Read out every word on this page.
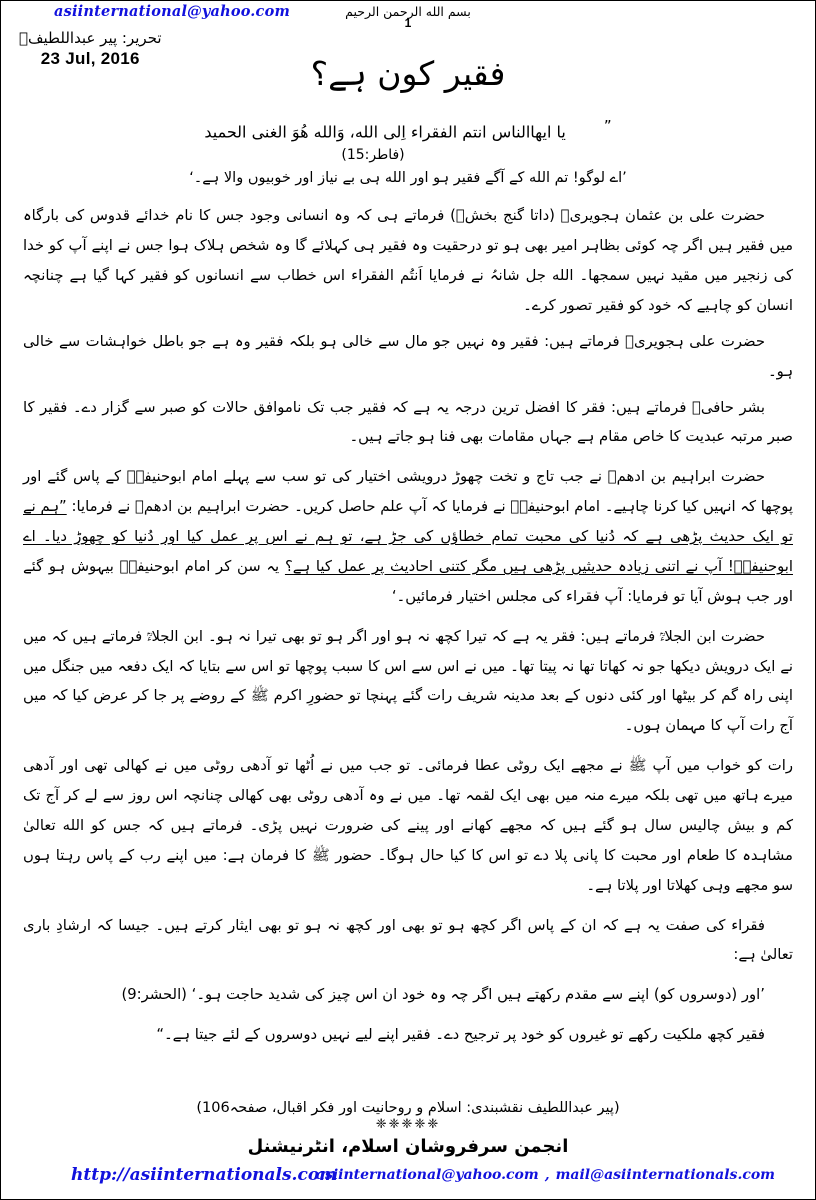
asiinternational@yahoo.com	بسم الله الرحمن الرحیم
1
تحریر: پیر عبداللطیفؒ
23 Jul, 2016	فقیر کون ہے؟
”یا ایھاالناس انتم الفقراء اِلی الله، وَالله ھُوَ الغنی الحمید
(فاطر:15)
’اے لوگو! تم الله کے آگے فقیر ہو اور الله ہی بے نیاز اور خوبیوں والا ہے۔‘

حضرت علی بن عثمان ہجویریؒ (داتا گنج بخشؒ) فرماتے ہی کہ وہ انسانی وجود جس کا نام خدائے قدوس کی بارگاہ میں فقیر ہیں اگر چہ کوئی بظاہر امیر بھی ہو تو درحقیت وہ فقیر ہی کہلائے گا وہ شخص ہلاک ہوا جس نے اپنے آپ کو خدا کی زنجیر میں مقید نہیں سمجھا۔ الله جل شانہُ نے فرمایا اَنتُم الفقراء اس خطاب سے انسانوں کو فقیر کہا گیا ہے چنانچہ انسان کو چاہیے کہ خود کو فقیر تصور کرے۔

حضرت علی ہجویریؒ فرماتے ہیں: فقیر وہ نہیں جو مال سے خالی ہو بلکہ فقیر وہ ہے جو باطل خواہشات سے خالی ہو۔

بشر حافیؒ فرماتے ہیں: فقر کا افضل ترین درجہ یہ ہے کہ فقیر جب تک ناموافق حالات کو صبر سے گزار دے۔ فقیر کا صبر مرتبہ عبدیت کا خاص مقام ہے جہاں مقامات بھی فنا ہو جاتے ہیں۔

حضرت ابراہیم بن ادھمؒ نے جب تاج و تخت چھوڑ درویشی اختیار کی تو سب سے پہلے امام ابوحنیفہؒ کے پاس گئے اور پوچھا کہ انہیں کیا کرنا چاہیے۔ امام ابوحنیفہؒ نے فرمایا کہ آپ علم حاصل کریں۔ حضرت ابراہیم بن ادھمؒ نے فرمایا: ”ہم نے تو ایک حدیث پڑھی ہے کہ دُنیا کی محبت تمام خطاؤں کی جڑ ہے، تو ہم نے اس پر عمل کیا اور دُنیا کو چھوڑ دیا۔ اے ابوحنیفہؒ! آپ نے اتنی زیادہ حدیثیں پڑھی ہیں مگر کتنی احادیث پر عمل کیا ہے؟ یہ سن کر امام ابوحنیفہؒ بیہوش ہو گئے اور جب ہوش آیا تو فرمایا: آپ فقراء کی مجلس اختیار فرمائیں۔‘

حضرت ابن الجلاءؒ فرماتے ہیں: فقر یہ ہے کہ تیرا کچھ نہ ہو اور اگر ہو تو بھی تیرا نہ ہو۔ ابن الجلاءؒ فرماتے ہیں کہ میں نے ایک درویش دیکھا جو نہ کھاتا تھا نہ پیتا تھا۔ میں نے اس سے اس کا سبب پوچھا تو اس سے بتایا کہ ایک دفعہ میں جنگل میں اپنی راہ گم کر بیٹھا اور کئی دنوں کے بعد مدینہ شریف رات گئے پہنچا تو حضورِ اکرم ﷺ کے روضے پر جا کر عرض کیا کہ میں آج رات آپ کا مہمان ہوں۔

رات کو خواب میں آپ ﷺ نے مجھے ایک روٹی عطا فرمائی۔ تو جب میں نے اُٹھا تو آدھی روٹی میں نے کھالی تھی اور آدھی میرے ہاتھ میں تھی بلکہ میرے منہ میں بھی ایک لقمہ تھا۔ میں نے وہ آدھی روٹی بھی کھالی چنانچہ اس روز سے لے کر آج تک کم و بیش چالیس سال ہو گئے ہیں کہ مجھے کھانے اور پینے کی ضرورت نہیں پڑی۔ فرماتے ہیں کہ جس کو الله تعالیٰ مشاہدہ کا طعام اور محبت کا پانی پلا دے تو اس کا کیا حال ہوگا۔ حضور ﷺ کا فرمان ہے: میں اپنے رب کے پاس رہتا ہوں سو مجھے وہی کھلاتا اور پلاتا ہے۔

فقراء کی صفت یہ ہے کہ ان کے پاس اگر کچھ ہو تو بھی اور کچھ نہ ہو تو بھی ایثار کرتے ہیں۔ جیسا کہ ارشادِ باری تعالیٰ ہے:

’اور (دوسروں کو) اپنے سے مقدم رکھتے ہیں اگر چہ وہ خود ان اس چیز کی شدید حاجت ہو۔‘ (الحشر:9)

فقیر کچھ ملکیت رکھے تو غیروں کو خود پر ترجیح دے۔ فقیر اپنے لیے نہیں دوسروں کے لئے جیتا ہے۔“

(پیر عبداللطیف نقشبندی: اسلام و روحانیت اور فکر اقبال، صفحہ106)
❈❈❈❈❈
انجمن سرفروشان اسلام، انٹرنیشنل
asiinternational@yahoo.com , mail@asiinternationals.com
http://asiinternationals.com
